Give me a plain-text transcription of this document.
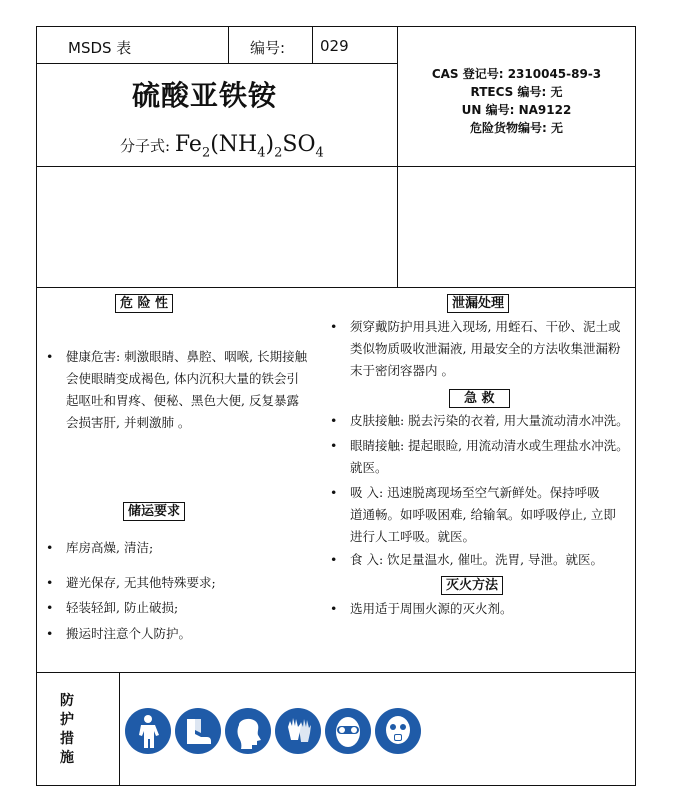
MSDS 表	编号: 029
硫酸亚铁铵
分子式: $Fe_2(NH_4)_2SO_4$
CAS 登记号: 2310045-89-3
RTECS 编号: 无
UN 编号: NA9122
危险货物编号: 无
危 险 性
•	健康危害: 刺激眼睛、鼻腔、咽喉, 长期接触
会使眼睛变成褐色, 体内沉积大量的铁会引
起呕吐和胃疼、便秘、黑色大便, 反复暴露
会损害肝, 并刺激肺 。
储运要求
•	库房高燥, 清洁;
•	避光保存, 无其他特殊要求;
•	轻装轻卸, 防止破损;
•	搬运时注意个人防护。
泄漏处理
•	须穿戴防护用具进入现场, 用蛭石、干砂、泥土或
类似物质吸收泄漏液, 用最安全的方法收集泄漏粉
末于密闭容器内 。
急 救
•	皮肤接触: 脱去污染的衣着, 用大量流动清水冲洗。
•	眼睛接触: 提起眼睑, 用流动清水或生理盐水冲洗。
就医。
•	吸 入: 迅速脱离现场至空气新鲜处。保持呼吸
道通畅。如呼吸困难, 给输氧。如呼吸停止, 立即
进行人工呼吸。就医。
•	食 入: 饮足量温水, 催吐。洗胃, 导泄。就医。
灭火方法
•	选用适于周围火源的灭火剂。
防
护
措
施
